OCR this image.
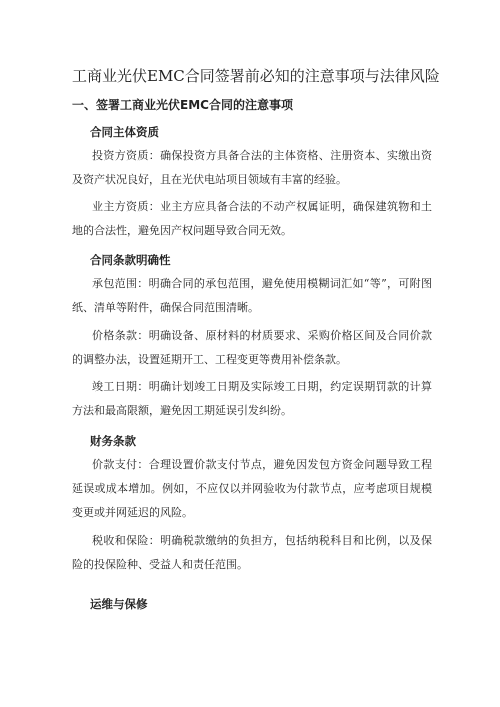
工商业光伏EMC合同签署前必知的注意事项与法律风险
一、签署工商业光伏EMC合同的注意事项
合同主体资质

投资方资质：确保投资方具备合法的主体资格、注册资本、实缴出资及资产状况良好，且在光伏电站项目领域有丰富的经验。

业主方资质：业主方应具备合法的不动产权属证明，确保建筑物和土地的合法性，避免因产权问题导致合同无效。

合同条款明确性

承包范围：明确合同的承包范围，避免使用模糊词汇如“等”，可附图纸、清单等附件，确保合同范围清晰。

价格条款：明确设备、原材料的材质要求、采购价格区间及合同价款的调整办法，设置延期开工、工程变更等费用补偿条款。

竣工日期：明确计划竣工日期及实际竣工日期，约定误期罚款的计算方法和最高限额，避免因工期延误引发纠纷。

财务条款

价款支付：合理设置价款支付节点，避免因发包方资金问题导致工程延误或成本增加。例如，不应仅以并网验收为付款节点，应考虑项目规模变更或并网延迟的风险。

税收和保险：明确税款缴纳的负担方，包括纳税科目和比例，以及保险的投保险种、受益人和责任范围。

运维与保修
